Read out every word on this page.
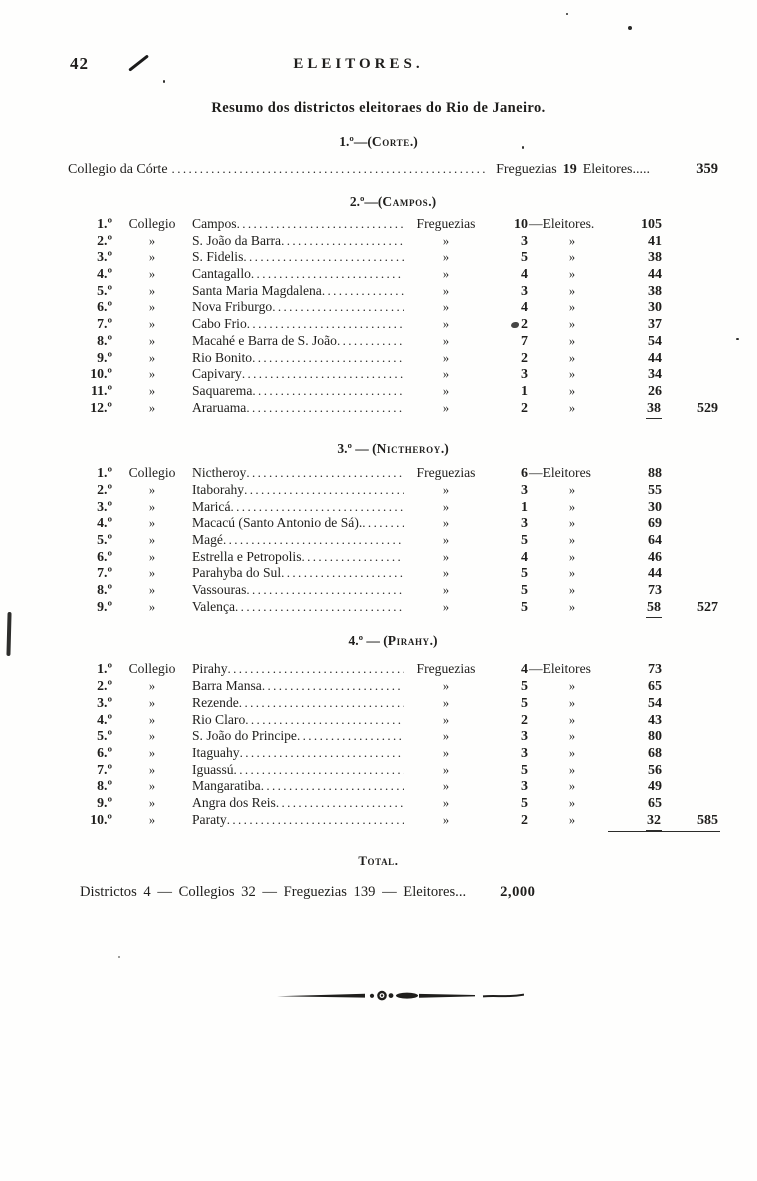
42	ELEITORES.
Resumo dos districtos eleitoraes do Rio de Janeiro.
1.º—(Corte.)
Collegio da Córte .....	Freguezias 19 Eleitores.....	359
2.º—(Campos.)
1.º	Collegio	Campos .....	Freguezias	10 —Eleitores.	105
2.º	»	S. João da Barra .....	»	3	»	41
3.º	»	S. Fidelis .....	»	5	»	38
4.º	»	Cantagallo .....	»	4	»	44
5.º	»	Santa Maria Magdalena .....	»	3	»	38
6.º	»	Nova Friburgo .....	»	4	»	30
7.º	»	Cabo Frio .....	»	2	»	37
8.º	»	Macahé e Barra de S. João .....	»	7	»	54
9.º	»	Rio Bonito .....	»	2	»	44
10.º	»	Capivary .....	»	3	»	34
11.º	»	Saquarema .....	»	1	»	26
12.º	»	Araruama .....	»	2	»	38	529
3.º — (Nictheroy.)
1.º	Collegio	Nictheroy .....	Freguezias	6 —Eleitores	88
2.º	»	Itaborahy .....	»	3	»	55
3.º	»	Maricá .....	»	1	»	30
4.º	»	Macacú (Santo Antonio de Sá). .....	»	3	»	69
5.º	»	Magé .....	»	5	»	64
6.º	»	Estrella e Petropolis .....	»	4	»	46
7.º	»	Parahyba do Sul .....	»	5	»	44
8.º	»	Vassouras .....	»	5	»	73
9.º	»	Valença .....	»	5	»	58	527
4.º — (Pirahy.)
1.º	Collegio	Pirahy .....	Freguezias	4 —Eleitores	73
2.º	»	Barra Mansa .....	»	5	»	65
3.º	»	Rezende .....	»	5	»	54
4.º	»	Rio Claro .....	»	2	»	43
5.º	»	S. João do Principe .....	»	3	»	80
6.º	»	Itaguahy .....	»	3	»	68
7.º	»	Iguassú .....	»	5	»	56
8.º	»	Mangaratiba .....	»	3	»	49
9.º	»	Angra dos Reis .....	»	5	»	65
10.º	»	Paraty .....	»	2	»	32	585
Total.
Districtos 4 — Collegios 32 — Freguezias 139 — Eleitores... 2,000
